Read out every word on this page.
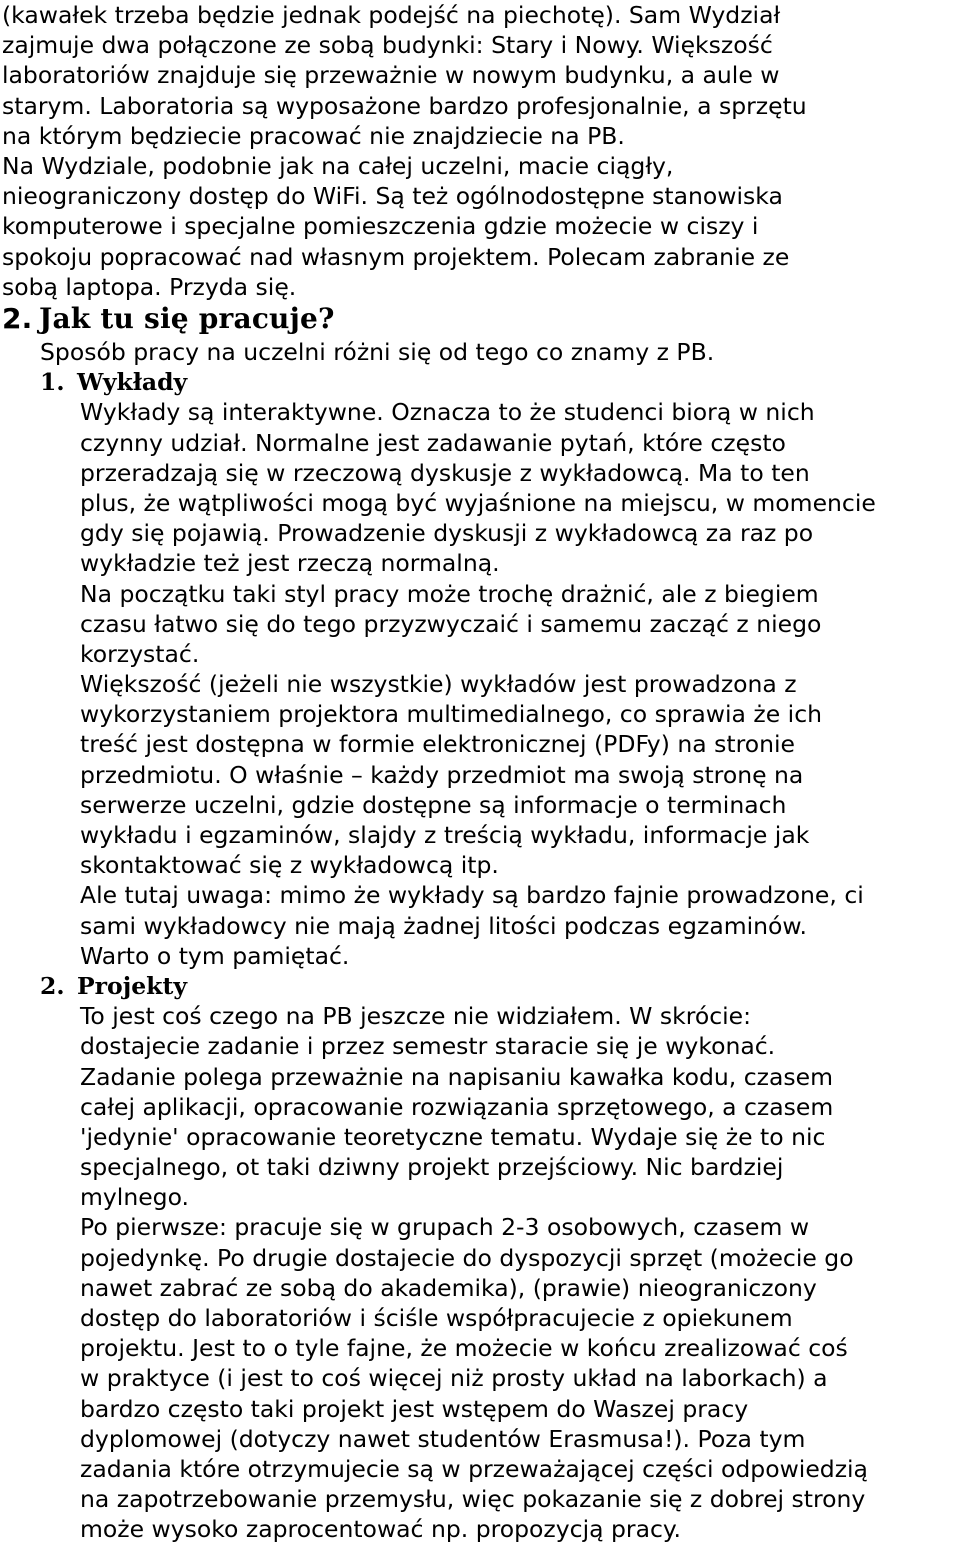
(kawałek trzeba będzie jednak podejść na piechotę). Sam Wydział
zajmuje dwa połączone ze sobą budynki: Stary i Nowy. Większość
laboratoriów znajduje się przeważnie w nowym budynku, a aule w
starym. Laboratoria są wyposażone bardzo profesjonalnie, a sprzętu
na którym będziecie pracować nie znajdziecie na PB.
Na Wydziale, podobnie jak na całej uczelni, macie ciągły,
nieograniczony dostęp do WiFi. Są też ogólnodostępne stanowiska
komputerowe i specjalne pomieszczenia gdzie możecie w ciszy i
spokoju popracować nad własnym projektem. Polecam zabranie ze
sobą laptopa. Przyda się.
2. Jak tu się pracuje?
Sposób pracy na uczelni różni się od tego co znamy z PB.
1. Wykłady
Wykłady są interaktywne. Oznacza to że studenci biorą w nich
czynny udział. Normalne jest zadawanie pytań, które często
przeradzają się w rzeczową dyskusje z wykładowcą. Ma to ten
plus, że wątpliwości mogą być wyjaśnione na miejscu, w momencie
gdy się pojawią. Prowadzenie dyskusji z wykładowcą za raz po
wykładzie też jest rzeczą normalną.
Na początku taki styl pracy może trochę drażnić, ale z biegiem
czasu łatwo się do tego przyzwyczaić i samemu zacząć z niego
korzystać.
Większość (jeżeli nie wszystkie) wykładów jest prowadzona z
wykorzystaniem projektora multimedialnego, co sprawia że ich
treść jest dostępna w formie elektronicznej (PDFy) na stronie
przedmiotu. O właśnie – każdy przedmiot ma swoją stronę na
serwerze uczelni, gdzie dostępne są informacje o terminach
wykładu i egzaminów, slajdy z treścią wykładu, informacje jak
skontaktować się z wykładowcą itp.
Ale tutaj uwaga: mimo że wykłady są bardzo fajnie prowadzone, ci
sami wykładowcy nie mają żadnej litości podczas egzaminów.
Warto o tym pamiętać.
2. Projekty
To jest coś czego na PB jeszcze nie widziałem. W skrócie:
dostajecie zadanie i przez semestr staracie się je wykonać.
Zadanie polega przeważnie na napisaniu kawałka kodu, czasem
całej aplikacji, opracowanie rozwiązania sprzętowego, a czasem
'jedynie' opracowanie teoretyczne tematu. Wydaje się że to nic
specjalnego, ot taki dziwny projekt przejściowy. Nic bardziej
mylnego.
Po pierwsze: pracuje się w grupach 2-3 osobowych, czasem w
pojedynkę. Po drugie dostajecie do dyspozycji sprzęt (możecie go
nawet zabrać ze sobą do akademika), (prawie) nieograniczony
dostęp do laboratoriów i ściśle współpracujecie z opiekunem
projektu. Jest to o tyle fajne, że możecie w końcu zrealizować coś
w praktyce (i jest to coś więcej niż prosty układ na laborkach) a
bardzo często taki projekt jest wstępem do Waszej pracy
dyplomowej (dotyczy nawet studentów Erasmusa!). Poza tym
zadania które otrzymujecie są w przeważającej części odpowiedzią
na zapotrzebowanie przemysłu, więc pokazanie się z dobrej strony
może wysoko zaprocentować np. propozycją pracy.
